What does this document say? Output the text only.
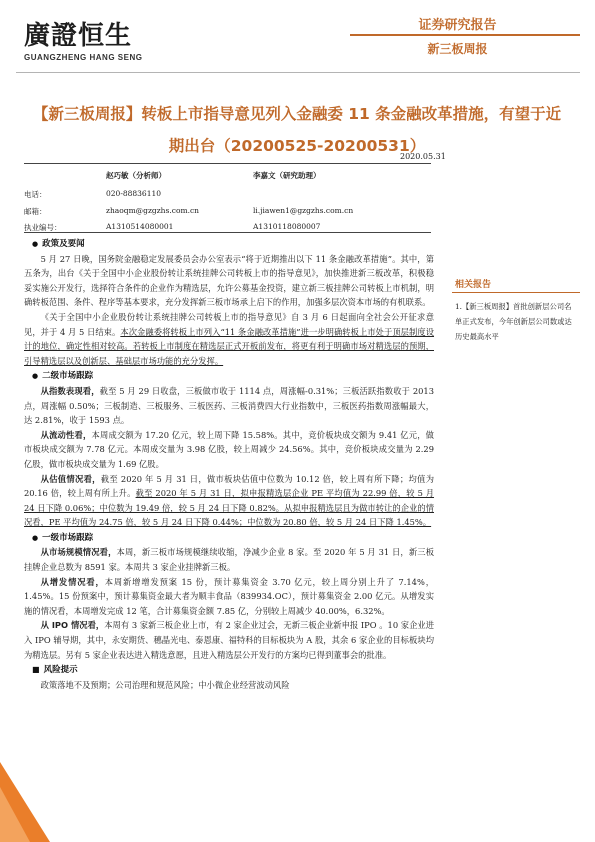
廣證恒生
GUANGZHENG HANG SENG
证券研究报告
新三板周报
【新三板周报】转板上市指导意见列入金融委 11 条金融改革措施，有望于近期出台（20200525-20200531）
2020.05.31
赵巧敏（分析师）	李嘉文（研究助理）
电话：	020-88836110
邮箱：	zhaoqm@gzgzhs.com.cn	li.jiawen1@gzgzhs.com.cn
执业编号：	A1310514080001	A1310118080007
● 政策及要闻

5 月 27 日晚，国务院金融稳定发展委员会办公室表示“将于近期推出以下 11 条金融改革措施”。其中，第五条为，出台《关于全国中小企业股份转让系统挂牌公司转板上市的指导意见》，加快推进新三板改革，积极稳妥实施公开发行，选择符合条件的企业作为精选层，允许公募基金投资，建立新三板挂牌公司转板上市机制，明确转板范围、条件、程序等基本要求，充分发挥新三板市场承上启下的作用，加强多层次资本市场的有机联系。

《关于全国中小企业股份转让系统挂牌公司转板上市的指导意见》自 3 月 6 日起面向全社会公开征求意见，并于 4 月 5 日结束。本次金融委将转板上市列入“11 条金融改革措施”进一步明确转板上市处于顶层制度设计的地位，确定性相对较高。若转板上市制度在精选层正式开板前发布，将更有利于明确市场对精选层的预期，引导精选层以及创新层、基础层市场功能的充分发挥。

● 二级市场跟踪

从指数表现看，截至 5 月 29 日收盘，三板做市收于 1114 点，周涨幅-0.31%；三板活跃指数收于 2013 点，周涨幅 0.50%；三板制造、三板服务、三板医药、三板消费四大行业指数中，三板医药指数周涨幅最大，达 2.81%，收于 1593 点。

从流动性看，本周成交额为 17.20 亿元，较上周下降 15.58%。其中，竞价板块成交额为 9.41 亿元，做市板块成交额为 7.78 亿元。本周成交量为 3.98 亿股，较上周减少 24.56%。其中，竞价板块成交量为 2.29 亿股，做市板块成交量为 1.69 亿股。

从估值情况看，截至 2020 年 5 月 31 日，做市板块估值中位数为 10.12 倍，较上周有所下降；均值为 20.16 倍，较上周有所上升。截至 2020 年 5 月 31 日，拟申报精选层企业 PE 平均值为 22.99 倍，较 5 月 24 日下降 0.06%；中位数为 19.49 倍，较 5 月 24 日下降 0.82%。从拟申报精选层且为做市转让的企业的情况看，PE 平均值为 24.75 倍，较 5 月 24 日下降 0.44%；中位数为 20.80 倍，较 5 月 24 日下降 1.45%。

● 一级市场跟踪

从市场规模情况看，本周，新三板市场规模继续收缩，净减少企业 8 家。至 2020 年 5 月 31 日，新三板挂牌企业总数为 8591 家。本周共 3 家企业挂牌新三板。

从增发情况看，本周新增增发预案 15 份，预计募集资金 3.70 亿元，较上周分别上升了 7.14%，1.45%。15 份预案中，预计募集资金最大者为顺丰食品（839934.OC），预计募集资金 2.00 亿元。从增发实施的情况看，本周增发完成 12 笔，合计募集资金额 7.85 亿，分别较上周减少 40.00%，6.32%。

从 IPO 情况看，本周有 3 家新三板企业上市，有 2 家企业过会，无新三板企业新申报 IPO 。10 家企业进入 IPO 辅导期，其中，永安期货、穗晶光电、泰恩康、福特科的目标板块为 A 股，其余 6 家企业的目标板块均为精选层。另有 5 家企业表达进入精选意愿，且进入精选层公开发行的方案均已得到董事会的批准。

■ 风险提示

政策落地不及预期；公司治理和规范风险；中小微企业经营波动风险

相关报告
1.【新三板周报】首批创新层公司名单正式发布，今年创新层公司数或达历史最高水平
